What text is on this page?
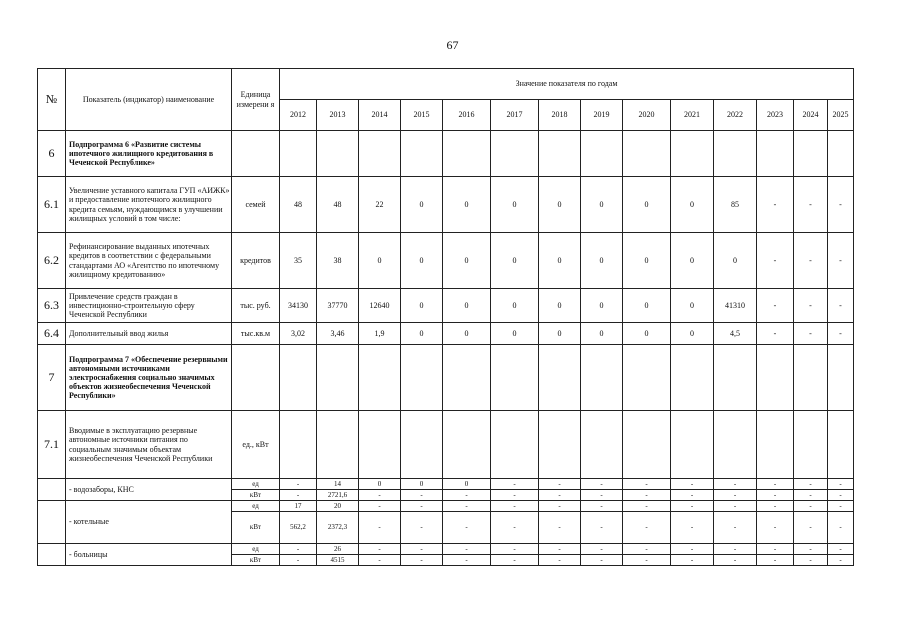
67
№	Показатель (индикатор) наименование	Единица измерени я	Значение показателя по годам													
			2012	2013	2014	2015	2016	2017	2018	2019	2020	2021	2022	2023	2024	2025
6	Подпрограмма 6 «Развитие системы ипотечного жилищного кредитования в Чеченской Республике»															
6.1	Увеличение уставного капитала ГУП «АИЖК» и предоставление ипотечного жилищного кредита семьям, нуждающимся в улучшении жилищных условий в том числе:	семей	48	48	22	0	0	0	0	0	0	0	85	-	-	-
6.2	Рефинансирование выданных ипотечных кредитов в соответствии с федеральными стандартами АО «Агентство по ипотечному жилищному кредитованию»	кредитов	35	38	0	0	0	0	0	0	0	0	0	-	-	-
6.3	Привлечение средств граждан в инвестиционно-строительную сферу Чеченской Республики	тыс. руб.	34130	37770	12640	0	0	0	0	0	0	0	41310	-	-	-
6.4	Дополнительный ввод жилья	тыс.кв.м	3,02	3,46	1,9	0	0	0	0	0	0	0	4,5	-	-	-
7	Подпрограмма 7 «Обеспечение резервными автономными источниками электроснабжения социально значимых объектов жизнеобеспечения Чеченской Республики»															
7.1	Вводимые в эксплуатацию резервные автономные источники питания по социальным значимым объектам жизнеобеспечения Чеченской Республики	ед., кВт														
	- водозаборы, КНС	ед	-	14	0	0	0	-	-	-	-	-	-	-	-	-
		кВт	-	2721,6	-	-	-	-	-	-	-	-	-	-	-	-
	- котельные	ед	17	20	-	-	-	-	-	-	-	-	-	-	-	-
		кВт	562,2	2372,3	-	-	-	-	-	-	-	-	-	-	-	-
	- больницы	ед	-	26	-	-	-	-	-	-	-	-	-	-	-	-
		кВт	-	4515	-	-	-	-	-	-	-	-	-	-	-	-
